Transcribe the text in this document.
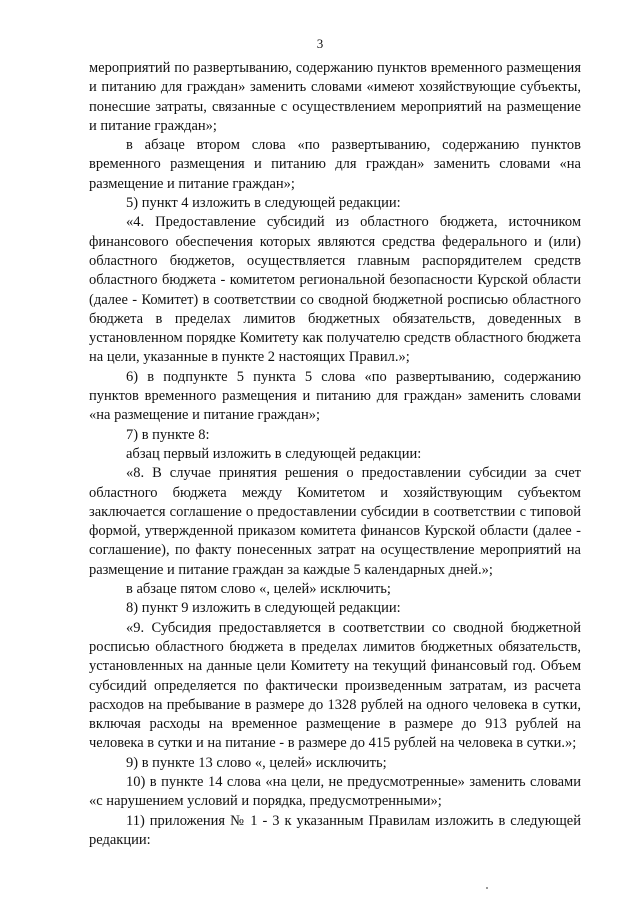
3

мероприятий по развертыванию, содержанию пунктов временного размещения и питанию для граждан» заменить словами «имеют хозяйствующие субъекты, понесшие затраты, связанные с осуществлением мероприятий на размещение и питание граждан»;

в абзаце втором слова «по развертыванию, содержанию пунктов временного размещения и питанию для граждан» заменить словами «на размещение и питание граждан»;

5) пункт 4 изложить в следующей редакции:

«4. Предоставление субсидий из областного бюджета, источником финансового обеспечения которых являются средства федерального и (или) областного бюджетов, осуществляется главным распорядителем средств областного бюджета - комитетом региональной безопасности Курской области (далее - Комитет) в соответствии со сводной бюджетной росписью областного бюджета в пределах лимитов бюджетных обязательств, доведенных в установленном порядке Комитету как получателю средств областного бюджета на цели, указанные в пункте 2 настоящих Правил.»;

6) в подпункте 5 пункта 5 слова «по развертыванию, содержанию пунктов временного размещения и питанию для граждан» заменить словами «на размещение и питание граждан»;

7) в пункте 8:

абзац первый изложить в следующей редакции:

«8. В случае принятия решения о предоставлении субсидии за счет областного бюджета между Комитетом и хозяйствующим субъектом заключается соглашение о предоставлении субсидии в соответствии с типовой формой, утвержденной приказом комитета финансов Курской области (далее - соглашение), по факту понесенных затрат на осуществление мероприятий на размещение и питание граждан за каждые 5 календарных дней.»;

в абзаце пятом слово «, целей» исключить;

8) пункт 9 изложить в следующей редакции:

«9. Субсидия предоставляется в соответствии со сводной бюджетной росписью областного бюджета в пределах лимитов бюджетных обязательств, установленных на данные цели Комитету на текущий финансовый год. Объем субсидий определяется по фактически произведенным затратам, из расчета расходов на пребывание в размере до 1328 рублей на одного человека в сутки, включая расходы на временное размещение в размере до 913 рублей на человека в сутки и на питание - в размере до 415 рублей на человека в сутки.»;

9) в пункте 13 слово «, целей» исключить;

10) в пункте 14 слова «на цели, не предусмотренные» заменить словами «с нарушением условий и порядка, предусмотренными»;

11) приложения № 1 - 3 к указанным Правилам изложить в следующей редакции:
